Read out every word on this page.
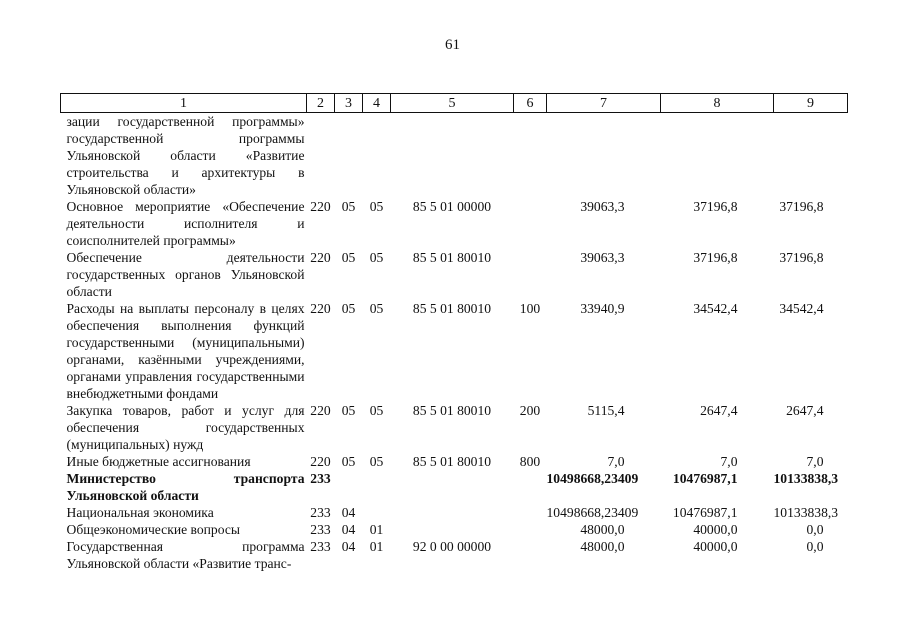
61
1	2	3	4	5	6	7	8	9
зации государственной программы» государственной программы Ульяновской области «Развитие строительства и архитектуры в Ульяновской области»								
Основное мероприятие «Обеспечение деятельности исполнителя и соисполнителей программы»	220	05	05	85 5 01 00000		39063,3	37196,8	37196,8
Обеспечение деятельности государственных органов Ульяновской области	220	05	05	85 5 01 80010		39063,3	37196,8	37196,8
Расходы на выплаты персоналу в целях обеспечения выполнения функций государственными (муниципальными) органами, казёнными учреждениями, органами управления государственными внебюджетными фондами	220	05	05	85 5 01 80010	100	33940,9	34542,4	34542,4
Закупка товаров, работ и услуг для обеспечения государственных (муниципальных) нужд	220	05	05	85 5 01 80010	200	5115,4	2647,4	2647,4
Иные бюджетные ассигнования	220	05	05	85 5 01 80010	800	7,0	7,0	7,0
Министерство транспорта Ульяновской области	233					10498668,23409	10476987,1	10133838,3
Национальная экономика	233	04				10498668,23409	10476987,1	10133838,3
Общеэкономические вопросы	233	04	01			48000,0	40000,0	0,0
Государственная программа Ульяновской области «Развитие транс-	233	04	01	92 0 00 00000		48000,0	40000,0	0,0
